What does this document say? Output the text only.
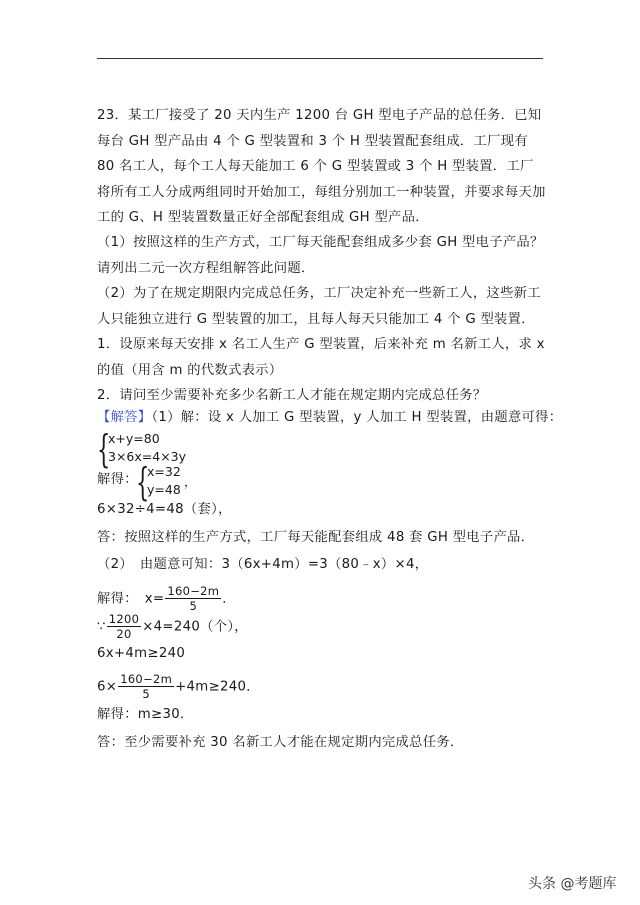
23．某工厂接受了 20 天内生产 1200 台 GH 型电子产品的总任务．已知每台 GH 型产品由 4 个 G 型装置和 3 个 H 型装置配套组成．工厂现有 80 名工人，每个工人每天能加工 6 个 G 型装置或 3 个 H 型装置．工厂将所有工人分成两组同时开始加工，每组分别加工一种装置，并要求每天加工的 G、H 型装置数量正好全部配套组成 GH 型产品．
（1）按照这样的生产方式，工厂每天能配套组成多少套 GH 型电子产品？请列出二元一次方程组解答此问题．
（2）为了在规定期限内完成总任务，工厂决定补充一些新工人，这些新工人只能独立进行 G 型装置的加工，且每人每天只能加工 4 个 G 型装置．
1．设原来每天安排 x 名工人生产 G 型装置，后来补充 m 名新工人，求 x 的值（用含 m 的代数式表示）
2．请问至少需要补充多少名新工人才能在规定期内完成总任务？
【解答】（1）解：设 x 人加工 G 型装置，y 人加工 H 型装置，由题意可得：
{
x+y=80
3×6x=4×3y
解得：
{
x=32
y=48
，
6×32÷4=48（套），
答：按照这样的生产方式，工厂每天能配套组成 48 套 GH 型电子产品．
（2）　由题意可知：3（6x+4m）=3（80﹣x）×4，
解得：　$x= \frac{160-2m}{5}$ ．
∵ $\frac{1200}{20} \times 4=240$（个），
6x+4m≥240
$6\times \frac{160-2m}{5} +4m\ge 240$．
解得：m≥30．
答：至少需要补充 30 名新工人才能在规定期内完成总任务．
头条 @考题库
